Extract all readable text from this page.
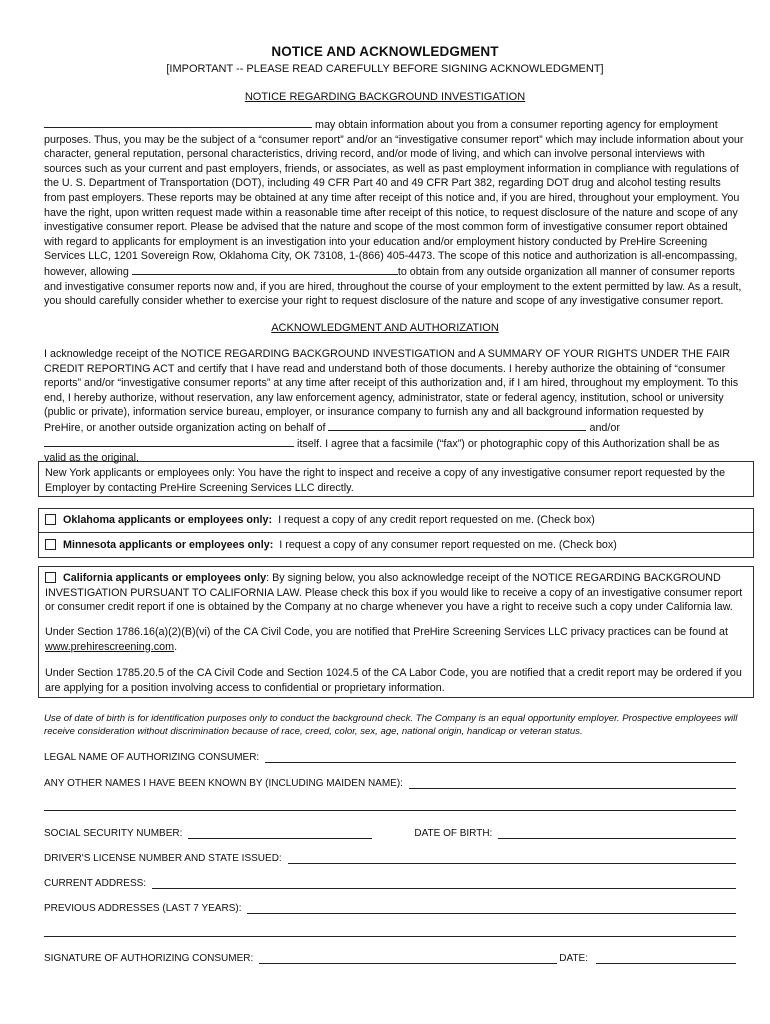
NOTICE AND ACKNOWLEDGMENT
[IMPORTANT -- PLEASE READ CAREFULLY BEFORE SIGNING ACKNOWLEDGMENT]
NOTICE REGARDING BACKGROUND INVESTIGATION
may obtain information about you from a consumer reporting agency for employment purposes. Thus, you may be the subject of a “consumer report” and/or an “investigative consumer report” which may include information about your character, general reputation, personal characteristics, driving record, and/or mode of living, and which can involve personal interviews with sources such as your current and past employers, friends, or associates, as well as past employment information in compliance with regulations of the U. S. Department of Transportation (DOT), including 49 CFR Part 40 and 49 CFR Part 382, regarding DOT drug and alcohol testing results from past employers. These reports may be obtained at any time after receipt of this notice and, if you are hired, throughout your employment. You have the right, upon written request made within a reasonable time after receipt of this notice, to request disclosure of the nature and scope of any investigative consumer report. Please be advised that the nature and scope of the most common form of investigative consumer report obtained with regard to applicants for employment is an investigation into your education and/or employment history conducted by PreHire Screening Services LLC, 1201 Sovereign Row, Oklahoma City, OK 73108, 1-(866) 405-4473. The scope of this notice and authorization is all-encompassing, however, allowing	to obtain from any outside organization all manner of consumer reports and investigative consumer reports now and, if you are hired, throughout the course of your employment to the extent permitted by law. As a result, you should carefully consider whether to exercise your right to request disclosure of the nature and scope of any investigative consumer report.
ACKNOWLEDGMENT AND AUTHORIZATION
I acknowledge receipt of the NOTICE REGARDING BACKGROUND INVESTIGATION and A SUMMARY OF YOUR RIGHTS UNDER THE FAIR CREDIT REPORTING ACT and certify that I have read and understand both of those documents. I hereby authorize the obtaining of “consumer reports” and/or “investigative consumer reports” at any time after receipt of this authorization and, if I am hired, throughout my employment. To this end, I hereby authorize, without reservation, any law enforcement agency, administrator, state or federal agency, institution, school or university (public or private), information service bureau, employer, or insurance company to furnish any and all background information requested by PreHire, or another outside organization acting on behalf of	and/or  itself. I agree that a facsimile (“fax”) or photographic copy of this Authorization shall be as valid as the original.
New York applicants or employees only: You have the right to inspect and receive a copy of any investigative consumer report requested by the Employer by contacting PreHire Screening Services LLC directly.
Oklahoma applicants or employees only: I request a copy of any credit report requested on me. (Check box)
Minnesota applicants or employees only: I request a copy of any consumer report requested on me. (Check box)
California applicants or employees only: By signing below, you also acknowledge receipt of the NOTICE REGARDING BACKGROUND INVESTIGATION PURSUANT TO CALIFORNIA LAW. Please check this box if you would like to receive a copy of an investigative consumer report or consumer credit report if one is obtained by the Company at no charge whenever you have a right to receive such a copy under California law.
Under Section 1786.16(a)(2)(B)(vi) of the CA Civil Code, you are notified that PreHire Screening Services LLC privacy practices can be found at www.prehirescreening.com.
Under Section 1785.20.5 of the CA Civil Code and Section 1024.5 of the CA Labor Code, you are notified that a credit report may be ordered if you are applying for a position involving access to confidential or proprietary information.
Use of date of birth is for identification purposes only to conduct the background check. The Company is an equal opportunity employer. Prospective employees will receive consideration without discrimination because of race, creed, color, sex, age, national origin, handicap or veteran status.
LEGAL NAME OF AUTHORIZING CONSUMER:
ANY OTHER NAMES I HAVE BEEN KNOWN BY (INCLUDING MAIDEN NAME):
SOCIAL SECURITY NUMBER:	DATE OF BIRTH:
DRIVER'S LICENSE NUMBER AND STATE ISSUED:
CURRENT ADDRESS:
PREVIOUS ADDRESSES (LAST 7 YEARS):
SIGNATURE OF AUTHORIZING CONSUMER:	DATE:
